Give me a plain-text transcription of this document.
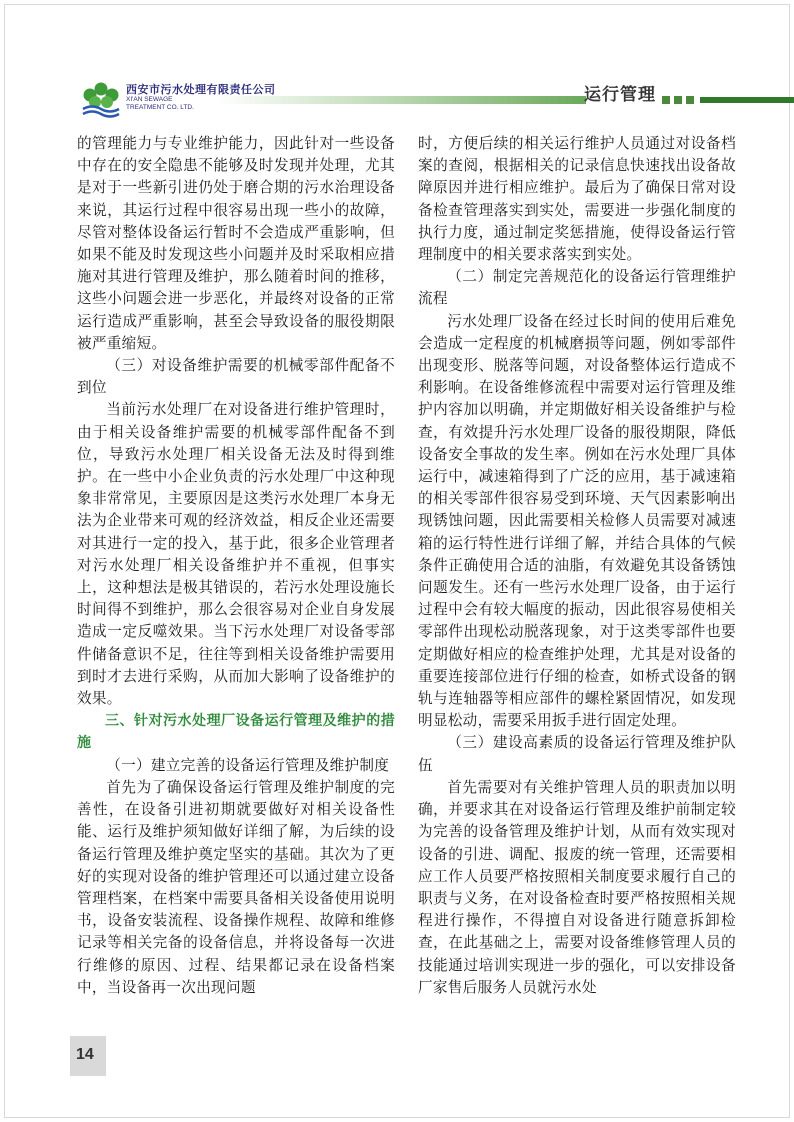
西安市污水处理有限责任公司
XI'AN SEWAGE
TREATMENT CO. LTD.
运行管理

的管理能力与专业维护能力，因此针对一些设备中存在的安全隐患不能够及时发现并处理，尤其是对于一些新引进仍处于磨合期的污水治理设备来说，其运行过程中很容易出现一些小的故障，尽管对整体设备运行暂时不会造成严重影响，但如果不能及时发现这些小问题并及时采取相应措施对其进行管理及维护，那么随着时间的推移，这些小问题会进一步恶化，并最终对设备的正常运行造成严重影响，甚至会导致设备的服役期限被严重缩短。

（三）对设备维护需要的机械零部件配备不到位

当前污水处理厂在对设备进行维护管理时，由于相关设备维护需要的机械零部件配备不到位，导致污水处理厂相关设备无法及时得到维护。在一些中小企业负责的污水处理厂中这种现象非常常见，主要原因是这类污水处理厂本身无法为企业带来可观的经济效益，相反企业还需要对其进行一定的投入，基于此，很多企业管理者对污水处理厂相关设备维护并不重视，但事实上，这种想法是极其错误的，若污水处理设施长时间得不到维护，那么会很容易对企业自身发展造成一定反噬效果。当下污水处理厂对设备零部件储备意识不足，往往等到相关设备维护需要用到时才去进行采购，从而加大影响了设备维护的效果。

三、针对污水处理厂设备运行管理及维护的措施

（一）建立完善的设备运行管理及维护制度

首先为了确保设备运行管理及维护制度的完善性，在设备引进初期就要做好对相关设备性能、运行及维护须知做好详细了解，为后续的设备运行管理及维护奠定坚实的基础。其次为了更好的实现对设备的维护管理还可以通过建立设备管理档案，在档案中需要具备相关设备使用说明书，设备安装流程、设备操作规程、故障和维修记录等相关完备的设备信息，并将设备每一次进行维修的原因、过程、结果都记录在设备档案中，当设备再一次出现问题

时，方便后续的相关运行维护人员通过对设备档案的查阅，根据相关的记录信息快速找出设备故障原因并进行相应维护。最后为了确保日常对设备检查管理落实到实处，需要进一步强化制度的执行力度，通过制定奖惩措施，使得设备运行管理制度中的相关要求落实到实处。

（二）制定完善规范化的设备运行管理维护流程

污水处理厂设备在经过长时间的使用后难免会造成一定程度的机械磨损等问题，例如零部件出现变形、脱落等问题，对设备整体运行造成不利影响。在设备维修流程中需要对运行管理及维护内容加以明确，并定期做好相关设备维护与检查，有效提升污水处理厂设备的服役期限，降低设备安全事故的发生率。例如在污水处理厂具体运行中，减速箱得到了广泛的应用，基于减速箱的相关零部件很容易受到环境、天气因素影响出现锈蚀问题，因此需要相关检修人员需要对减速箱的运行特性进行详细了解，并结合具体的气候条件正确使用合适的油脂，有效避免其设备锈蚀问题发生。还有一些污水处理厂设备，由于运行过程中会有较大幅度的振动，因此很容易使相关零部件出现松动脱落现象，对于这类零部件也要定期做好相应的检查维护处理，尤其是对设备的重要连接部位进行仔细的检查，如桥式设备的钢轨与连轴器等相应部件的螺栓紧固情况，如发现明显松动，需要采用扳手进行固定处理。

（三）建设高素质的设备运行管理及维护队伍

首先需要对有关维护管理人员的职责加以明确，并要求其在对设备运行管理及维护前制定较为完善的设备管理及维护计划，从而有效实现对设备的引进、调配、报废的统一管理，还需要相应工作人员要严格按照相关制度要求履行自己的职责与义务，在对设备检查时要严格按照相关规程进行操作，不得擅自对设备进行随意拆卸检查，在此基础之上，需要对设备维修管理人员的技能通过培训实现进一步的强化，可以安排设备厂家售后服务人员就污水处

14
